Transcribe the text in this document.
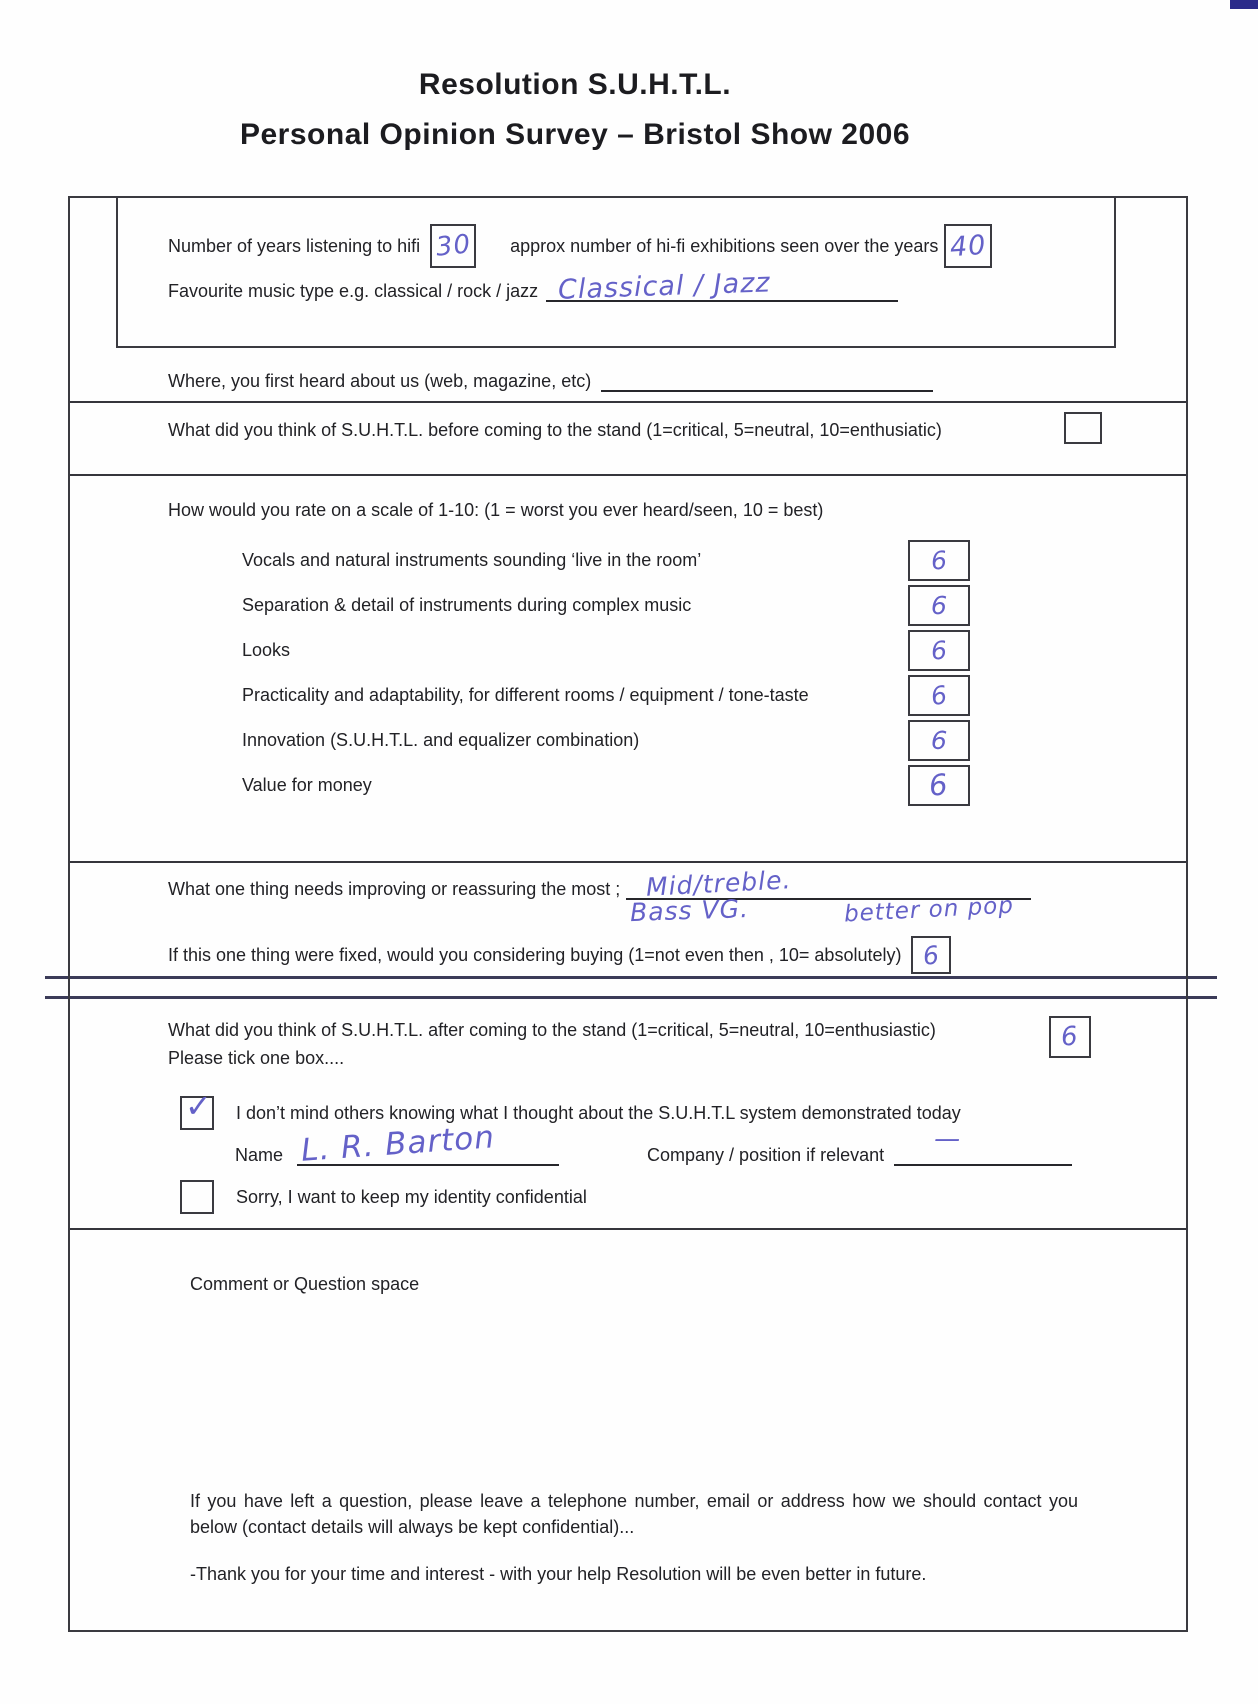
Resolution S.U.H.T.L.
Personal Opinion Survey – Bristol Show 2006
Number of years listening to hifi 30 approx number of hi-fi exhibitions seen over the years 40
Favourite music type e.g. classical / rock / jazz Classical / Jazz
Where, you first heard about us (web, magazine, etc)
What did you think of S.U.H.T.L. before coming to the stand (1=critical, 5=neutral, 10=enthusiatic)
How would you rate on a scale of 1-10: (1 = worst you ever heard/seen, 10 = best)
Vocals and natural instruments sounding ‘live in the room’	6
Separation & detail of instruments during complex music	6
Looks	6
Practicality and adaptability, for different rooms / equipment / tone-taste	6
Innovation (S.U.H.T.L. and equalizer combination)	6
Value for money	6
What one thing needs improving or reassuring the most ; Mid/treble.
Bass VG.	better on pop
If this one thing were fixed, would you considering buying (1=not even then , 10= absolutely) 6
What did you think of S.U.H.T.L. after coming to the stand (1=critical, 5=neutral, 10=enthusiastic)
Please tick one box....
6
✓ I don’t mind others knowing what I thought about the S.U.H.T.L system demonstrated today
Name L. R. Barton	Company / position if relevant
—
Sorry, I want to keep my identity confidential
Comment or Question space
If you have left a question, please leave a telephone number, email or address how we should contact you below (contact details will always be kept confidential)...
-Thank you for your time and interest - with your help Resolution will be even better in future.
